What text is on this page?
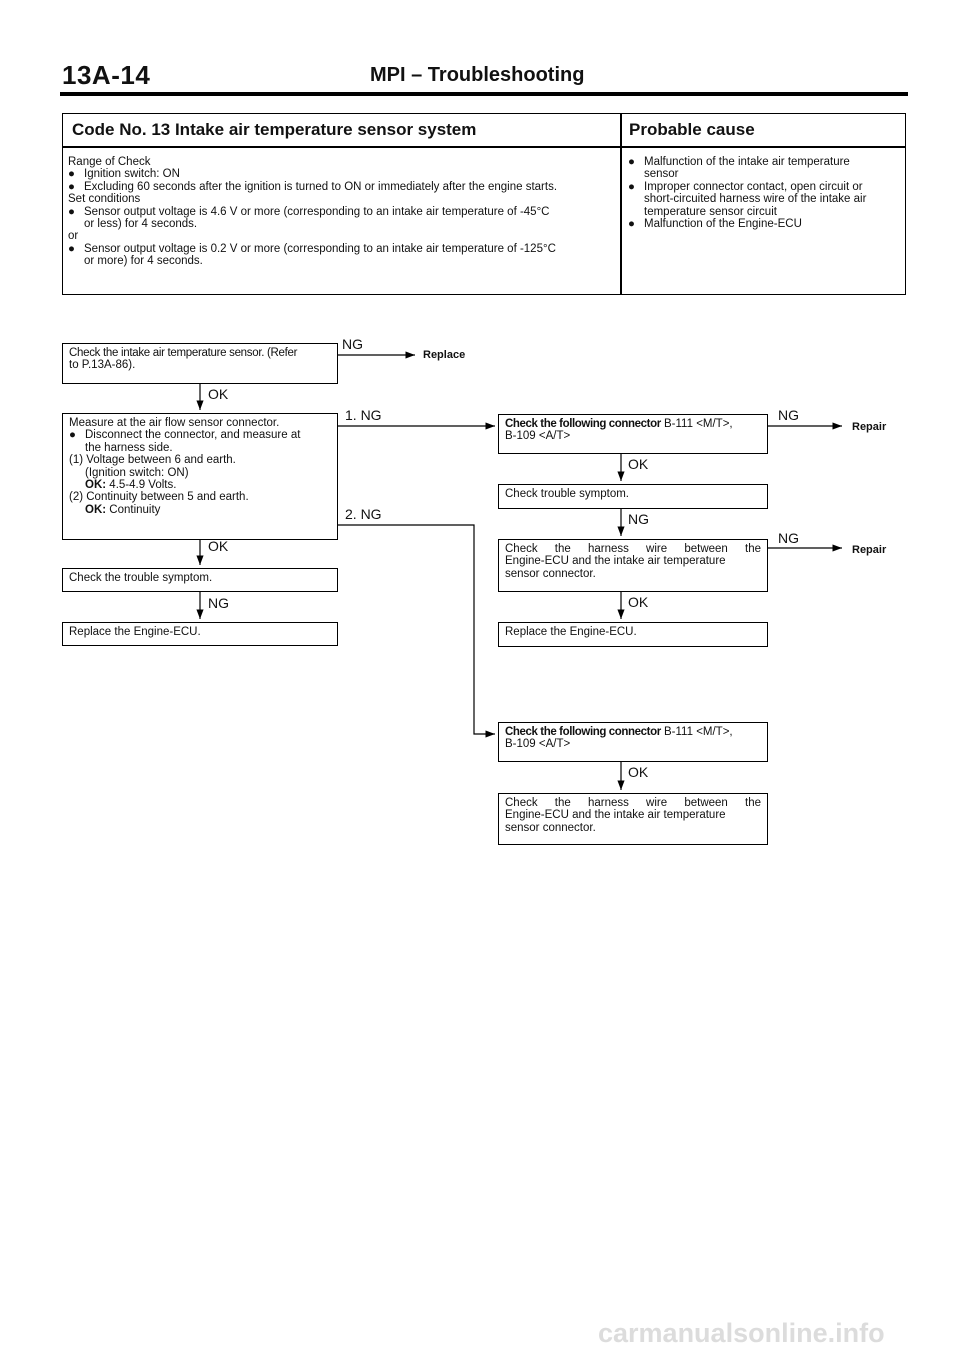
13A-14	MPI – Troubleshooting
Code No. 13 Intake air temperature sensor system	Probable cause
Range of Check
● Ignition switch: ON
● Excluding 60 seconds after the ignition is turned to ON or immediately after the engine starts.
Set conditions
● Sensor output voltage is 4.6 V or more (corresponding to an intake air temperature of -45°C
or less) for 4 seconds.
or
● Sensor output voltage is 0.2 V or more (corresponding to an intake air temperature of -125°C
or more) for 4 seconds.
● Malfunction of the intake air temperature
sensor
● Improper connector contact, open circuit or
short-circuited harness wire of the intake air
temperature sensor circuit
● Malfunction of the Engine-ECU
Check the intake air temperature sensor. (Refer
to P.13A-86).
Measure at the air flow sensor connector.
● Disconnect the connector, and measure at
the harness side.
(1) Voltage between 6 and earth.
(Ignition switch: ON)
OK: 4.5-4.9 Volts.
(2) Continuity between 5 and earth.
OK: Continuity
Check the trouble symptom.
Replace the Engine-ECU.
NG
Replace
OK
1. NG
2. NG
OK
NG
Check the following connector B-111 <M/T>,
B-109 <A/T>
Check trouble symptom.
Check the harness wire between the
Engine-ECU and the intake air temperature
sensor connector.
Replace the Engine-ECU.
Check the following connector B-111 <M/T>,
B-109 <A/T>
Check the harness wire between the
Engine-ECU and the intake air temperature
sensor connector.
NG
Repair
OK
NG
NG
Repair
OK
OK
carmanualsonline.info
